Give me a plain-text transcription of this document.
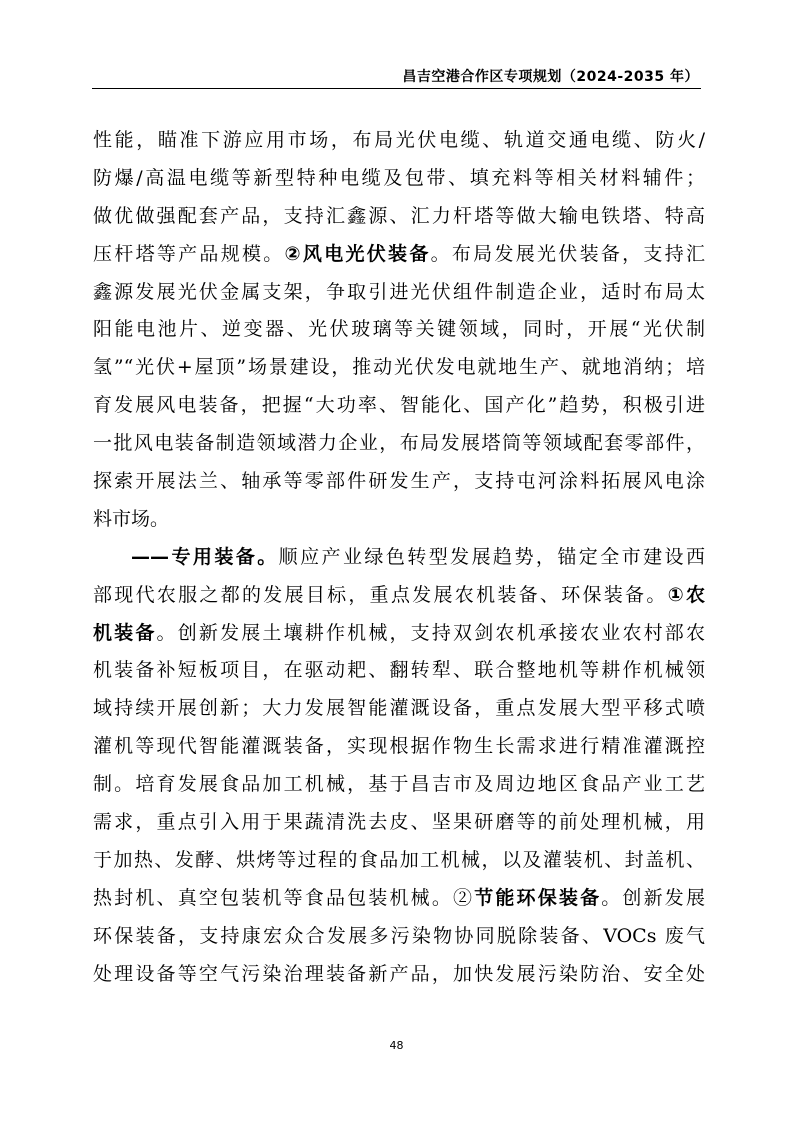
昌吉空港合作区专项规划（2024-2035 年）
性能，瞄准下游应用市场，布局光伏电缆、轨道交通电缆、防火/
防爆/高温电缆等新型特种电缆及包带、填充料等相关材料辅件；
做优做强配套产品，支持汇鑫源、汇力杆塔等做大输电铁塔、特高
压杆塔等产品规模。②风电光伏装备。布局发展光伏装备，支持汇
鑫源发展光伏金属支架，争取引进光伏组件制造企业，适时布局太
阳能电池片、逆变器、光伏玻璃等关键领域，同时，开展“光伏制
氢”“光伏+屋顶”场景建设，推动光伏发电就地生产、就地消纳；培
育发展风电装备，把握“大功率、智能化、国产化”趋势，积极引进
一批风电装备制造领域潜力企业，布局发展塔筒等领域配套零部件，
探索开展法兰、轴承等零部件研发生产，支持屯河涂料拓展风电涂
料市场。
——专用装备。顺应产业绿色转型发展趋势，锚定全市建设西
部现代农服之都的发展目标，重点发展农机装备、环保装备。①农
机装备。创新发展土壤耕作机械，支持双剑农机承接农业农村部农
机装备补短板项目，在驱动耙、翻转犁、联合整地机等耕作机械领
域持续开展创新；大力发展智能灌溉设备，重点发展大型平移式喷
灌机等现代智能灌溉装备，实现根据作物生长需求进行精准灌溉控
制。培育发展食品加工机械，基于昌吉市及周边地区食品产业工艺
需求，重点引入用于果蔬清洗去皮、坚果研磨等的前处理机械，用
于加热、发酵、烘烤等过程的食品加工机械，以及灌装机、封盖机、
热封机、真空包装机等食品包装机械。②节能环保装备。创新发展
环保装备，支持康宏众合发展多污染物协同脱除装备、VOCs 废气
处理设备等空气污染治理装备新产品，加快发展污染防治、安全处
48
